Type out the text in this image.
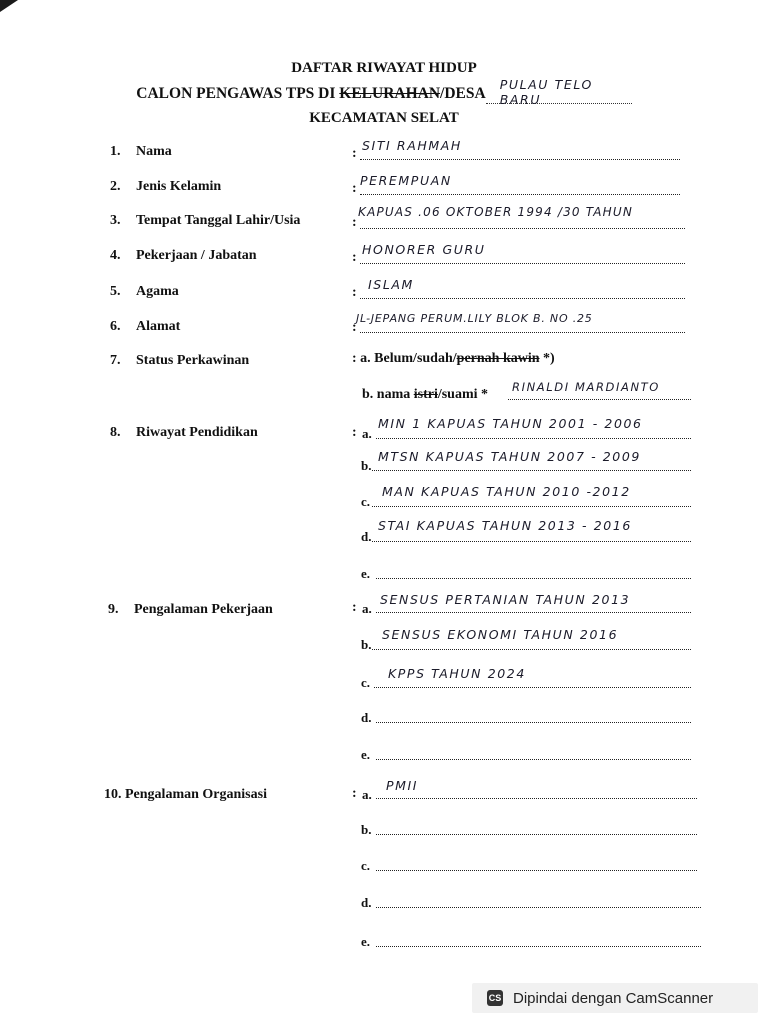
DAFTAR RIWAYAT HIDUP
CALON PENGAWAS TPS DI KELURAHAN/DESA
PULAU TELO BARU

KECAMATAN SELAT
1. Nama	:
SITI RAHMAH
2. Jenis Kelamin	:
PEREMPUAN
3. Tempat Tanggal Lahir/Usia	:
KAPUAS .06 OKTOBER 1994 /30 TAHUN
4. Pekerjaan / Jabatan	:
HONORER GURU
5. Agama	:
ISLAM
6. Alamat	:
JL-JEPANG PERUM.LILY BLOK B. NO .25
7. Status Perkawinan	: a. Belum/sudah/pernah kawin *)
b. nama istri/suami * RINALDI MARDIANTO
8. Riwayat Pendidikan	: a.
MIN 1 KAPUAS TAHUN 2001 - 2006
b.
MTSN KAPUAS TAHUN 2007 - 2009
c.
MAN KAPUAS TAHUN 2010 -2012
d.
STAI KAPUAS TAHUN 2013 - 2016
e.
9. Pengalaman Pekerjaan	: a.
SENSUS PERTANIAN TAHUN 2013
b.
SENSUS EKONOMI TAHUN 2016
c.
KPPS TAHUN 2024
d.
e.
10. Pengalaman Organisasi	: a.
PMII
b.
c.
d.
e.
CS Dipindai dengan CamScanner
